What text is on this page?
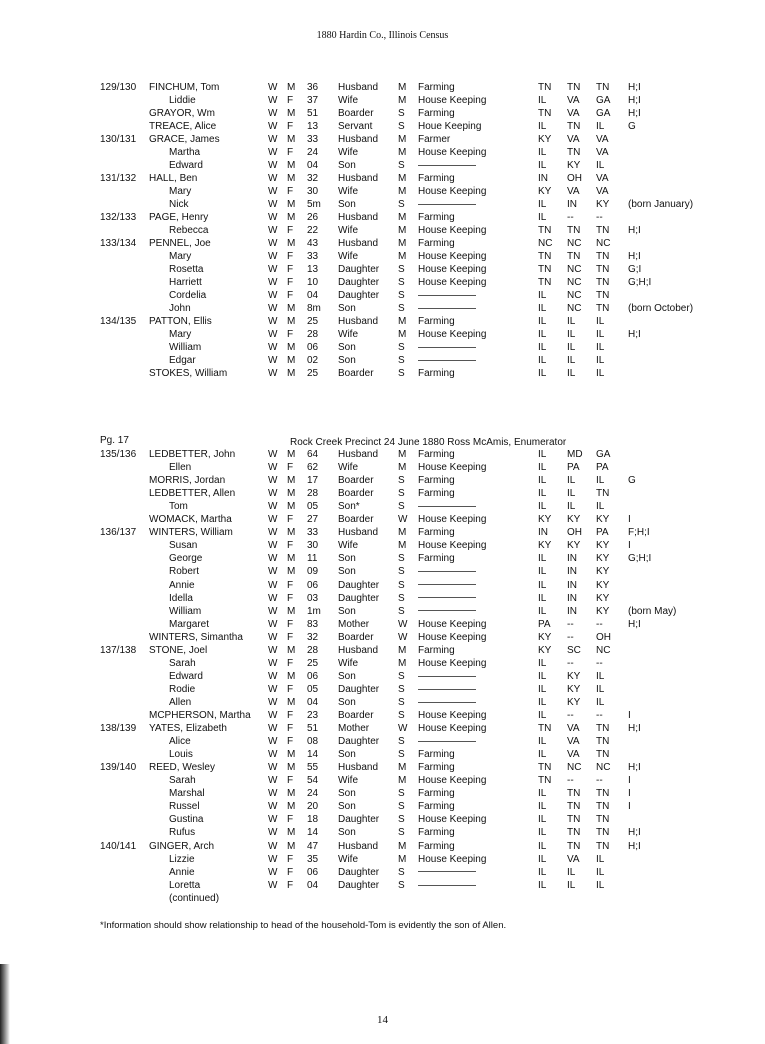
1880 Hardin Co., Illinois Census
129/130 FINCHUM, Tom	W M 36 Husband M Farming	TN TN TN H;I
Liddie	W F 37 Wife	M House Keeping	IL VA GA H;I
GRAYOR, Wm	W M 51 Boarder S Farming	TN VA GA H;I
TREACE, Alice	W F 13 Servant	S Houe Keeping	IL TN IL G
130/131 GRACE, James	W M 33 Husband M Farmer	KY VA VA
Martha	W F 24 Wife	M House Keeping	IL TN VA
Edward	W M 04 Son	S	IL KY IL
131/132 HALL, Ben	W M 32 Husband M Farming	IN OH VA
Mary	W F 30 Wife	M House Keeping	KY VA VA
Nick	W M 5m Son	S	IL IN KY (born January)
132/133 PAGE, Henry	W M 26 Husband M Farming	IL -- --
Rebecca	W F 22 Wife	M House Keeping	TN TN TN H;I
133/134 PENNEL, Joe	W M 43 Husband M Farming	NC NC NC
Mary	W F 33 Wife	M House Keeping	TN TN TN H;I
Rosetta	W F 13 Daughter S House Keeping	TN NC TN G;I
Harriett	W F 10 Daughter S House Keeping	TN NC TN G;H;I
Cordelia	W F 04 Daughter S	IL NC TN
John	W M 8m Son	S	IL NC TN (born October)
134/135 PATTON, Ellis	W M 25 Husband M Farming	IL IL IL
Mary	W F 28 Wife	M House Keeping	IL IL IL H;I
William	W M 06 Son	S	IL IL IL
Edgar	W M 02 Son	S	IL IL IL
STOKES, William	W M 25 Boarder S Farming	IL IL IL
Rock Creek Precinct 24 June 1880 Ross McAmis, Enumerator
Pg. 17
135/136 LEDBETTER, John	W M 64 Husband M Farming	IL MD GA
Ellen	W F 62 Wife	M House Keeping	IL PA PA
MORRIS, Jordan	W M 17 Boarder S Farming	IL IL IL G
LEDBETTER, Allen	W M 28 Boarder S Farming	IL IL TN
Tom	W M 05 Son*	S	IL IL IL
WOMACK, Martha	W F 27 Boarder W House Keeping	KY KY KY I
136/137 WINTERS, William	W M 33 Husband M Farming	IN OH PA F;H;I
Susan	W F 30 Wife	M House Keeping	KY KY KY I
George	W M 11 Son	S Farming	IL IN KY G;H;I
Robert	W M 09 Son	S	IL IN KY
Annie	W F 06 Daughter S	IL IN KY
Idella	W F 03 Daughter S	IL IN KY
William	W M 1m Son	S	IL IN KY (born May)
Margaret	W F 83 Mother	W House Keeping	PA -- --	H;I
WINTERS, Simantha	W F 32 Boarder W House Keeping	KY -- OH
137/138 STONE, Joel	W M 28 Husband M Farming	KY SC NC
Sarah	W F 25 Wife	M House Keeping	IL -- --
Edward	W M 06 Son	S	IL KY IL
Rodie	W F 05 Daughter S	IL KY IL
Allen	W M 04 Son	S	IL KY IL
MCPHERSON, Martha W F 23 Boarder S House Keeping	IL -- --	I
138/139 YATES, Elizabeth	W F 51 Mother	W House Keeping	TN VA TN H;I
Alice	W F 08 Daughter S	IL VA TN
Louis	W M 14 Son	S Farming	IL VA TN
139/140 REED, Wesley	W M 55 Husband M Farming	TN NC NC H;I
Sarah	W F 54 Wife	M House Keeping	TN -- --	I
Marshal	W M 24 Son	S Farming	IL TN TN I
Russel	W M 20 Son	S Farming	IL TN TN I
Gustina	W F 18 Daughter S House Keeping	IL TN TN
Rufus	W M 14 Son	S Farming	IL TN TN H;I
140/141 GINGER, Arch	W M 47 Husband M Farming	IL TN TN H;I
Lizzie	W F 35 Wife	M House Keeping	IL VA IL
Annie	W F 06 Daughter S	IL IL IL
Loretta	W F 04 Daughter S	IL IL IL
(continued)
*Information should show relationship to head of the household-Tom is evidently the son of Allen.
14
